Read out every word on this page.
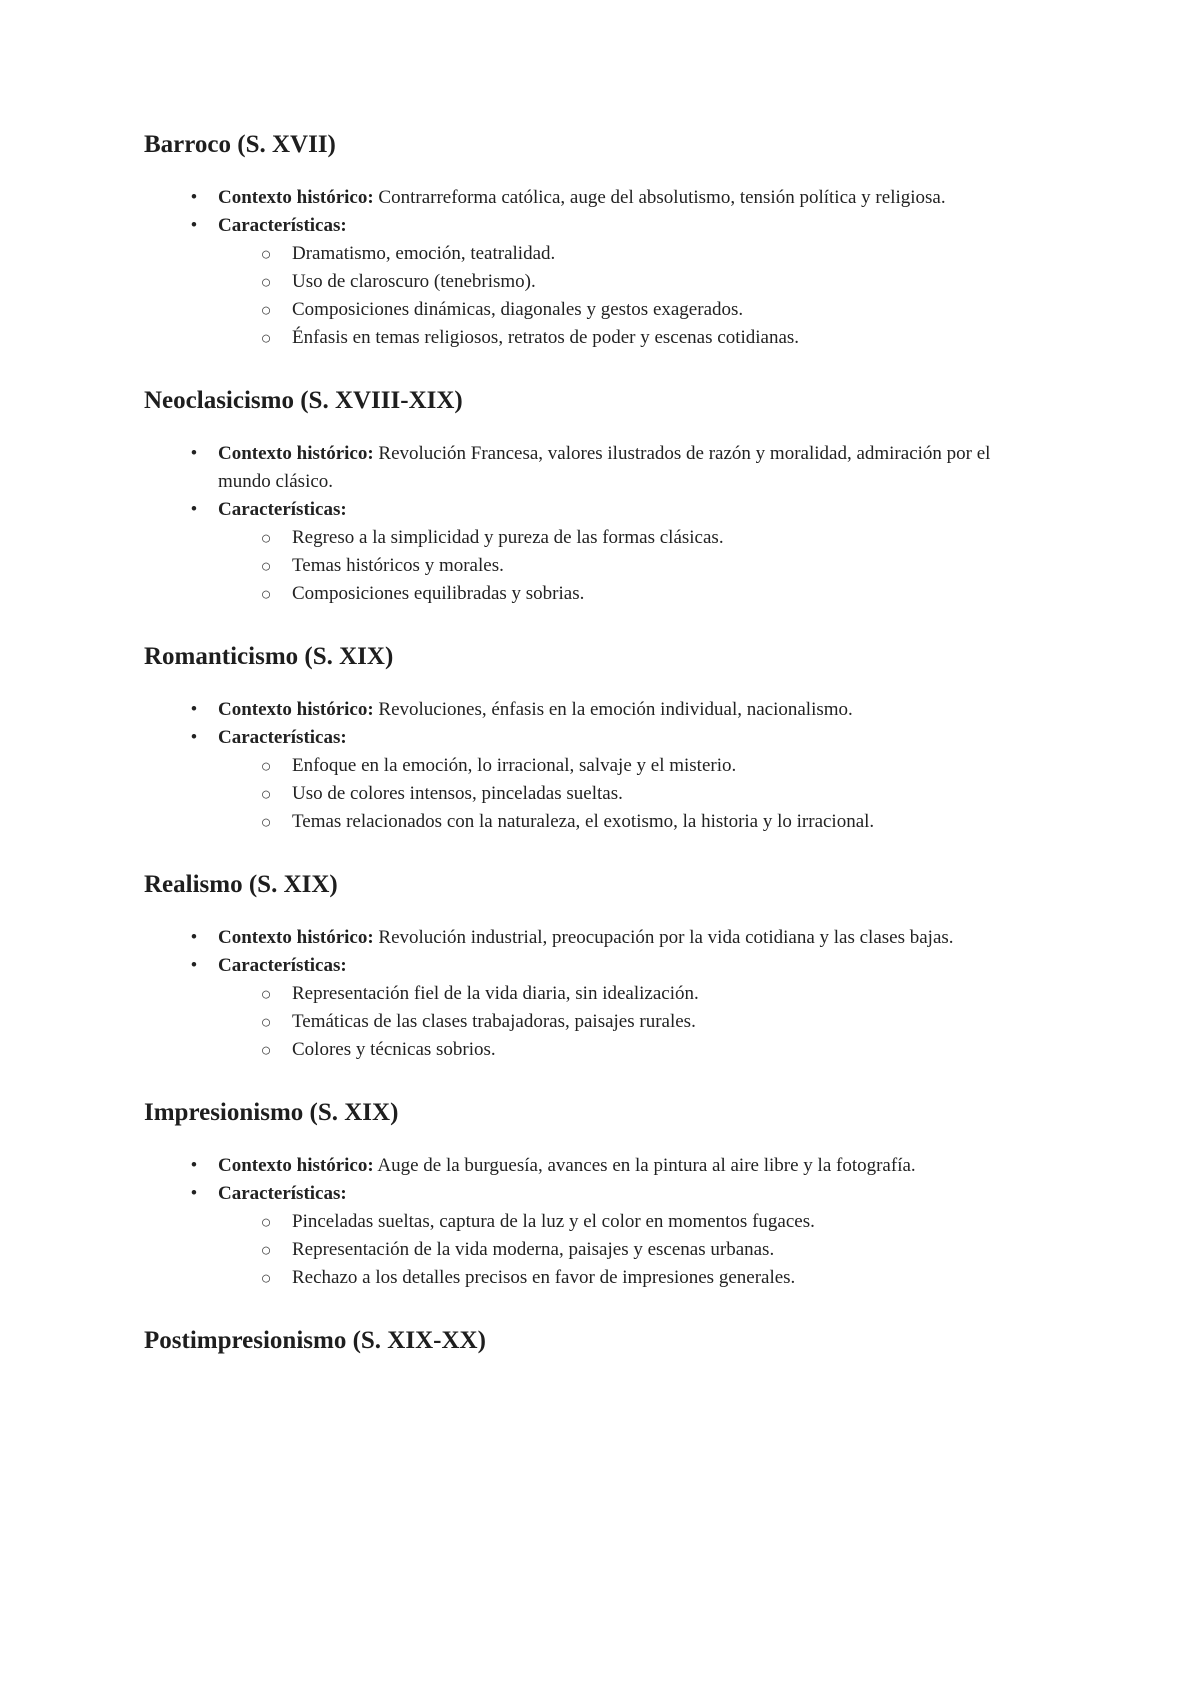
Barroco (S. XVII)
•	Contexto histórico: Contrarreforma católica, auge del absolutismo, tensión política y religiosa.
•	Características:
○ Dramatismo, emoción, teatralidad.
○ Uso de claroscuro (tenebrismo).
○ Composiciones dinámicas, diagonales y gestos exagerados.
○ Énfasis en temas religiosos, retratos de poder y escenas cotidianas.
Neoclasicismo (S. XVIII-XIX)
•	Contexto histórico: Revolución Francesa, valores ilustrados de razón y moralidad, admiración por el mundo clásico.
•	Características:
○ Regreso a la simplicidad y pureza de las formas clásicas.
○ Temas históricos y morales.
○ Composiciones equilibradas y sobrias.
Romanticismo (S. XIX)
•	Contexto histórico: Revoluciones, énfasis en la emoción individual, nacionalismo.
•	Características:
○ Enfoque en la emoción, lo irracional, salvaje y el misterio.
○ Uso de colores intensos, pinceladas sueltas.
○ Temas relacionados con la naturaleza, el exotismo, la historia y lo irracional.
Realismo (S. XIX)
•	Contexto histórico: Revolución industrial, preocupación por la vida cotidiana y las clases bajas.
•	Características:
○ Representación fiel de la vida diaria, sin idealización.
○ Temáticas de las clases trabajadoras, paisajes rurales.
○ Colores y técnicas sobrios.
Impresionismo (S. XIX)
•	Contexto histórico: Auge de la burguesía, avances en la pintura al aire libre y la fotografía.
•	Características:
○ Pinceladas sueltas, captura de la luz y el color en momentos fugaces.
○ Representación de la vida moderna, paisajes y escenas urbanas.
○ Rechazo a los detalles precisos en favor de impresiones generales.
Postimpresionismo (S. XIX-XX)
